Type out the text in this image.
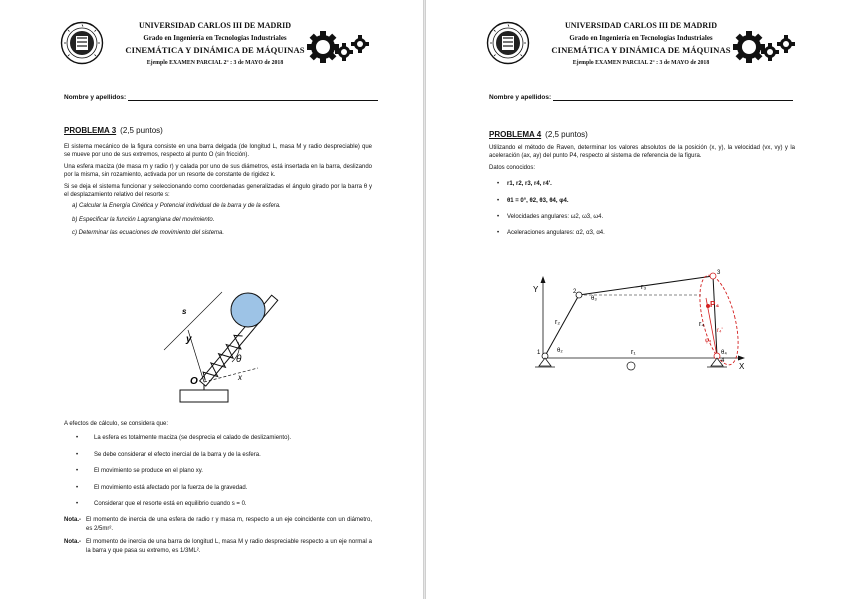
UNIVERSIDAD CARLOS III DE MADRID
Grado en Ingeniería en Tecnologías Industriales
CINEMÁTICA Y DINÁMICA DE MÁQUINAS
Ejemplo EXAMEN PARCIAL 2° : 3 de MAYO de 2018
Nombre y apellidos:
PROBLEMA 3 (2,5 puntos)

El sistema mecánico de la figura consiste en una barra delgada (de longitud L, masa M y radio despreciable) que se mueve por uno de sus extremos, respecto al punto O (sin fricción).

Una esfera maciza (de masa m y radio r) y calada por uno de sus diámetros, está insertada en la barra, deslizando por la misma, sin rozamiento, activada por un resorte de constante de rigidez k.

Si se deja el sistema funcionar y seleccionando como coordenadas generalizadas el ángulo girado por la barra θ y el desplazamiento relativo del resorte s:

a) Calcular la Energía Cinética y Potencial individual de la barra y de la esfera.

b) Especificar la función Lagrangiana del movimiento.

c) Determinar las ecuaciones de movimiento del sistema.

s
y
θ
O	x

A efectos de cálculo, se considera que:

•	La esfera es totalmente maciza (se desprecia el calado de deslizamiento).
•	Se debe considerar el efecto inercial de la barra y de la esfera.
•	El movimiento se produce en el plano xy.
•	El movimiento está afectado por la fuerza de la gravedad.
•	Considerar que el resorte está en equilibrio cuando s = 0.
Nota.- El momento de inercia de una esfera de radio r y masa m, respecto a un eje coincidente con un diámetro, es 2/5mr².
Nota.- El momento de inercia de una barra de longitud L, masa M y radio despreciable respecto a un eje normal a la barra y que pasa su extremo, es 1/3ML².
UNIVERSIDAD CARLOS III DE MADRID
Grado en Ingeniería en Tecnologías Industriales
CINEMÁTICA Y DINÁMICA DE MÁQUINAS
Ejemplo EXAMEN PARCIAL 2° : 3 de MAYO de 2018
Nombre y apellidos:
PROBLEMA 4 (2,5 puntos)

Utilizando el método de Raven, determinar los valores absolutos de la posición (x, y), la velocidad (vx, vy) y la aceleración (ax, ay) del punto P4, respecto al sistema de referencia de la figura.

Datos conocidos:

•	r1, r2, r3, r4, r4'.
•	θ1 = 0°, θ2, θ3, θ4, φ4.
•	Velocidades angulares: ω2, ω3, ω4.
•	Aceleraciones angulares: α2, α3, α4.
Y
X
P₄
r₂
r₃
r₁
r₄
r₄'
θ₂
θ₃
θ₄
φ₄
1
2
3
4
